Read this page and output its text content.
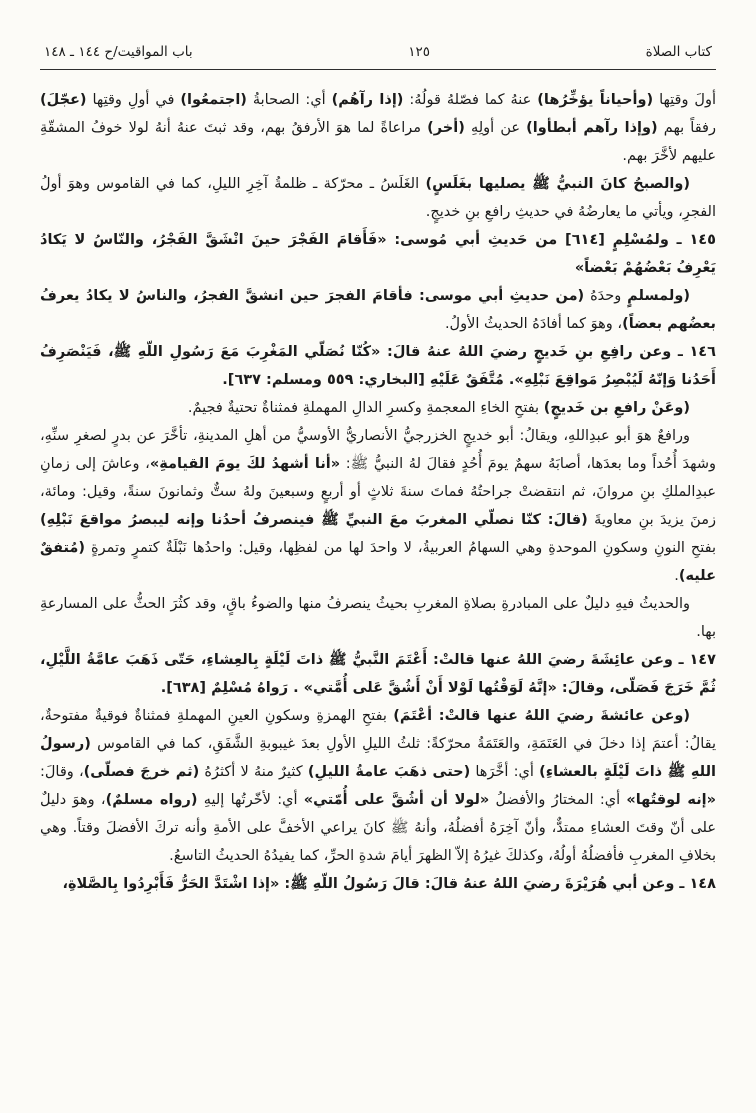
كتاب الصلاة
١٢٥
باب المواقيت/ح ١٤٤ ـ ١٤٨

أولَ وقتِها (وأحياناً يؤخِّرُها) عنهُ كما فصّلهُ قولُهُ: (إذا رآهُم) أي: الصحابةُ (اجتمعُوا) في أولِ وقتِها (عجّلَ) رفقاً بهم (وإذا رآهم أبطأوا) عن أولِهِ (أخر) مراعاةً لما هوَ الأرفقُ بهم، وقد ثبتَ عنهُ أنهُ لولا خوفُ المشقّةِ عليهم لأخَّرَ بهم.

(والصبحُ كانَ النبيُّ ﷺ يصليها بغَلَسٍ) الغَلَسُ ـ محرّكة ـ ظلمةُ آخِرِ الليلِ، كما في القاموس وهوَ أولُ الفجرِ، ويأتي ما يعارضُهُ في حديثِ رافعِ بنِ خديجٍ.

١٤٥ ـ ولمُسْلِمٍ [٦١٤] من حَديثِ أبي مُوسى: «فَأَقامَ الفَجْرَ حينَ انْشَقَّ الفَجْرُ، والنّاسُ لا يَكادُ يَعْرِفُ بَعْضُهُمْ بَعْضاً»

(ولمسلمٍ وحدَهُ (من حديثِ أبي موسى: فأقامَ الفجرَ حين انشقَّ الفجرُ، والناسُ لا يكادُ يعرفُ بعضُهم بعضاً)، وهوَ كما أفادَهُ الحديثُ الأولُ.

١٤٦ ـ وعن رافِعِ بنِ خَديجٍ رضيَ اللهُ عنهُ قالَ: «كُنّا نُصَلّي المَغْرِبَ مَعَ رَسُولِ اللّهِ ﷺ، فَيَنْصَرِفُ أَحَدُنا وَإنّهُ لَيُبْصِرُ مَواقِعَ نَبْلِهِ». مُتَّفَقٌ عَلَيْهِ [البخاري: ٥٥٩ ومسلم: ٦٣٧].

(وعَنْ رافعِ بن خَديجٍ) بفتحِ الخاءِ المعجمةِ وكسرِ الدالِ المهملةِ فمثناةٌ تحتيةٌ فجيمٌ.

ورافعٌ هوَ أبو عبدِاللهِ، ويقالُ: أبو خديجٍ الخزرجيُّ الأنصاريُّ الأوسيُّ من أهلِ المدينةِ، تأخَّرَ عن بدرٍ لصغرِ سنِّهِ، وشهدَ أُحُداً وما بعدَها، أصابَهُ سهمٌ يومَ أُحُدٍ فقالَ لهُ النبيُّ ﷺ: «أنا أشهدُ لكَ يومَ القيامةِ»، وعاشَ إلى زمانِ عبدِالملكِ بنِ مروانَ، ثم انتقضتْ جراحتُهُ فماتَ سنةَ ثلاثٍ أو أربعٍ وسبعينَ ولهُ ستٌّ وثمانونَ سنةً، وقيل: ومائة، زمنَ يزيدَ بنِ معاويةَ (قالَ: كنّا نصلّي المغربَ معَ النبيِّ ﷺ فينصرفُ أحدُنا وإنه ليبصرُ مواقعَ نَبْلِهِ) بفتحِ النونِ وسكونِ الموحدةِ وهي السهامُ العربيةُ، لا واحدَ لها من لفظِها، وقيل: واحدُها نَبْلَةٌ كتمرٍ وتمرةٍ (مُتفقٌ عليه).

والحديثُ فيهِ دليلٌ على المبادرةِ بصلاةِ المغربِ بحيثُ ينصرفُ منها والضوءُ باقٍ، وقد كثُرَ الحثُّ على المسارعةِ بها.

١٤٧ ـ وعن عائِشَةَ رضيَ اللهُ عنها قالتْ: أَعْتَمَ النَّبيُّ ﷺ ذاتَ لَيْلَةٍ بِالعِشاءِ، حَتّى ذَهَبَ عامَّةُ اللَّيْلِ، ثُمَّ خَرَجَ فَصَلّى، وقالَ: «إنَّهُ لَوَقْتُها لَوْلا أَنْ أَشُقَّ عَلى أُمَّتي» . رَواهُ مُسْلِمٌ [٦٣٨].

(وعن عائشةَ رضيَ اللهُ عنها قالتْ: أعْتَمَ) بفتحِ الهمزةِ وسكونِ العينِ المهملةِ فمثناةٌ فوقيةٌ مفتوحةٌ، يقالُ: أعتمَ إذا دخلَ في العَتَمَةِ، والعَتَمَةُ محرّكةً: ثلثُ الليلِ الأولِ بعدَ غيبوبةِ الشَّفَقِ، كما في القاموس (رسولُ اللهِ ﷺ ذاتَ لَيْلَةٍ بالعشاءِ) أي: أخَّرَها (حتى ذهَبَ عامةُ الليلِ) كثيرٌ منهُ لا أكثرُهُ (ثم خرجَ فصلّى)، وقالَ: «إنه لوقتُها» أي: المختارُ والأفضلُ «لولا أن أشُقَّ على أُمّتي» أي: لأخّرتُها إليهِ (رواه مسلمٌ)، وهوَ دليلٌ على أنّ وقتَ العشاءِ ممتدٌّ، وأنّ آخِرَهُ أفضلُهُ، وأنهُ ﷺ كانَ يراعي الأخفَّ على الأمةِ وأنه تركَ الأفضلَ وقتاً. وهي بخلافِ المغربِ فأفضلُهُ أولُهُ، وكذلكَ غيرُهُ إلاّ الظهرَ أيامَ شدةِ الحرِّ، كما يفيدُهُ الحديثُ التاسعُ.

١٤٨ ـ وعن أبي هُرَيْرَةَ رضيَ اللهُ عنهُ قالَ: قالَ رَسُولُ اللّهِ ﷺ: «إذا اشْتَدَّ الحَرُّ فَأَبْرِدُوا بِالصَّلاةِ،
